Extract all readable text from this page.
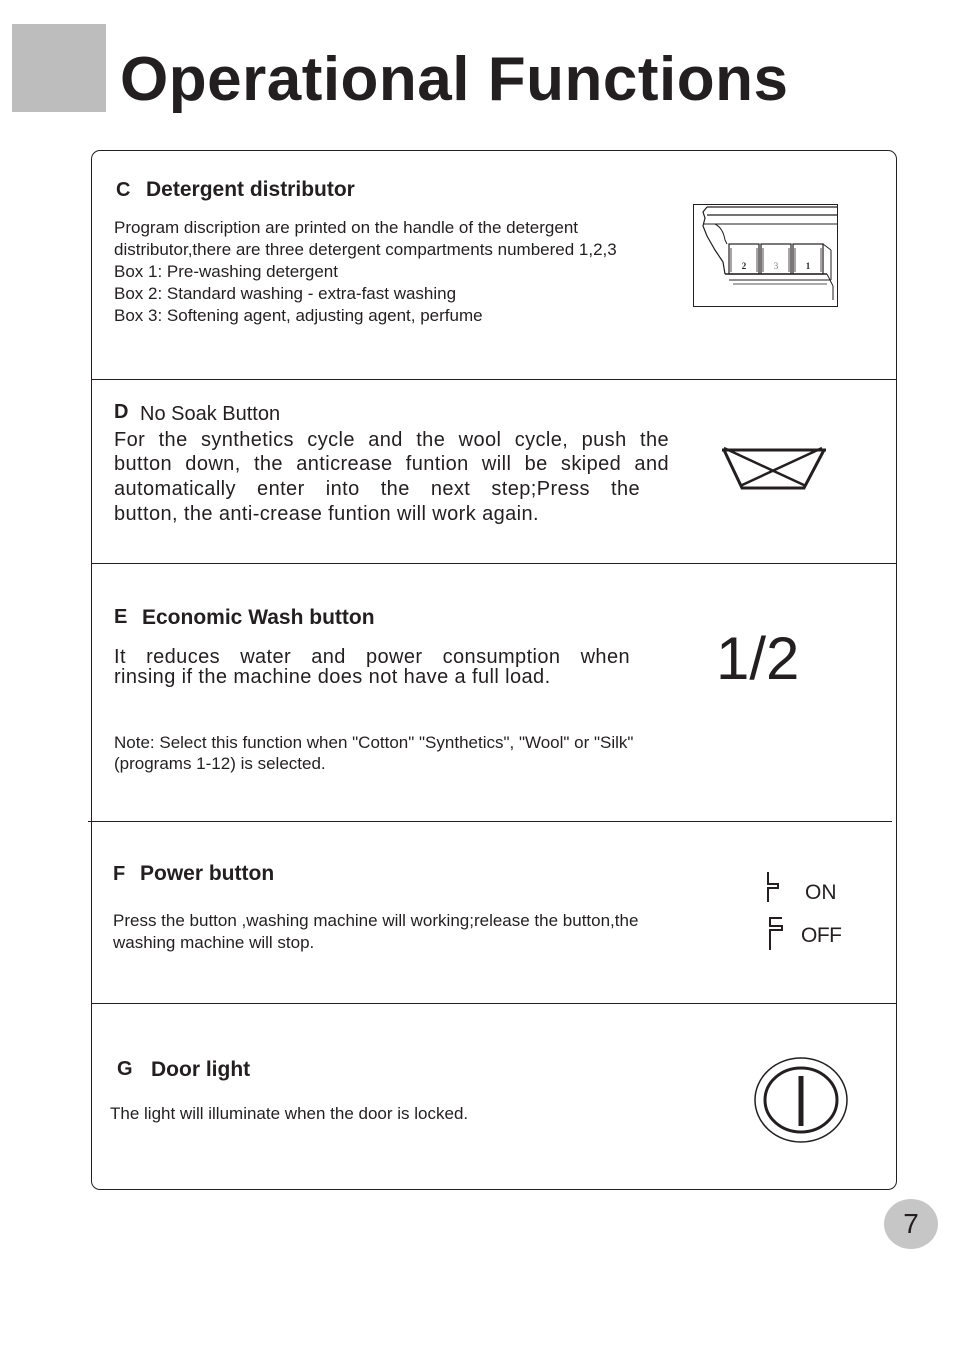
Operational Functions
C Detergent distributor

Program discription are printed on the handle of the detergent

distributor,there are three detergent compartments numbered 1,2,3

Box 1: Pre-washing detergent

Box 2: Standard washing - extra-fast washing

Box 3: Softening agent, adjusting agent, perfume

2	3	1
D No Soak Button

For the synthetics cycle and the wool cycle, push the

button down, the anticrease funtion will be skiped and

automatically enter into the next step;Press the

button, the anti-crease funtion will work again.

E Economic Wash button

It reduces water and power consumption when

rinsing if the machine does not have a full load.	1/2

Note: Select this function when "Cotton" "Synthetics", "Wool" or "Silk"

(programs 1-12) is selected.

F Power button

Press the button ,washing machine will working;release the button,the

washing machine will stop.

ON
OFF
G Door light

The light will illuminate when the door is locked.

7
